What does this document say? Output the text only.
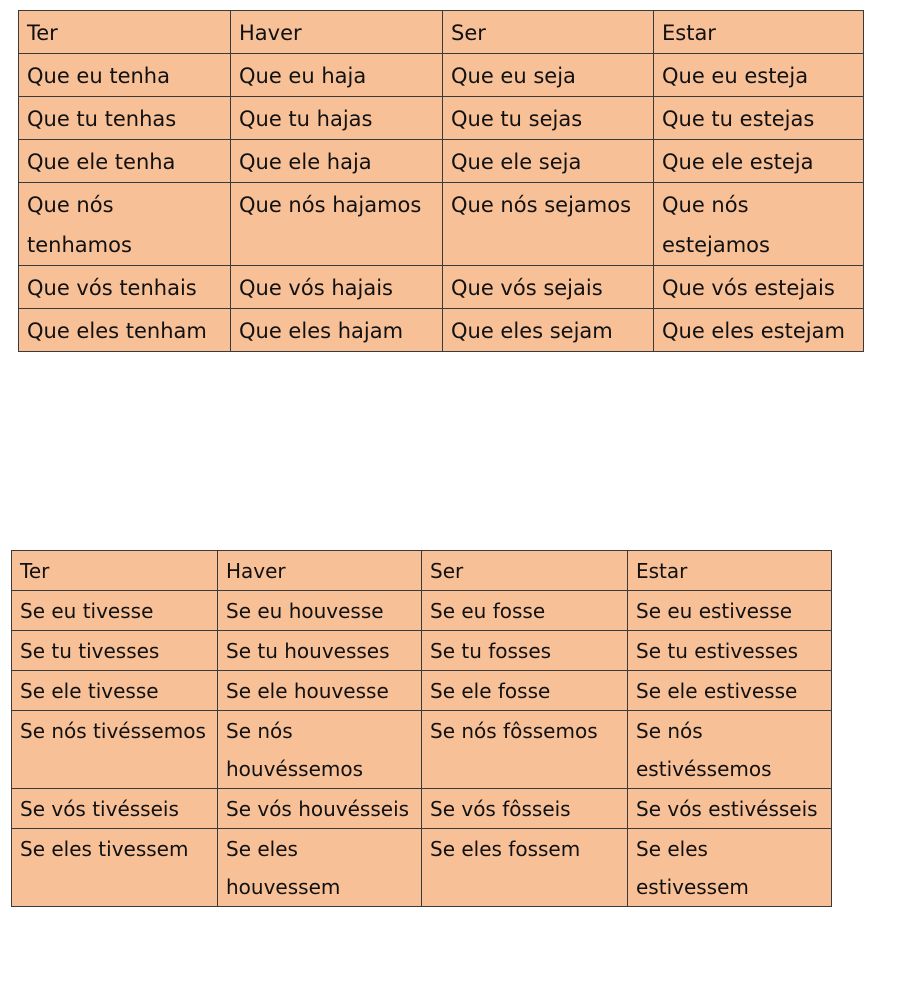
Ter	Haver	Ser	Estar
Que eu tenha	Que eu haja	Que eu seja	Que eu esteja
Que tu tenhas	Que tu hajas	Que tu sejas	Que tu estejas
Que ele tenha	Que ele haja	Que ele seja	Que ele esteja
Que nós tenhamos	Que nós hajamos	Que nós sejamos	Que nós estejamos
Que vós tenhais	Que vós hajais	Que vós sejais	Que vós estejais
Que eles tenham	Que eles hajam	Que eles sejam	Que eles estejam
Ter	Haver	Ser	Estar
Se eu tivesse	Se eu houvesse	Se eu fosse	Se eu estivesse
Se tu tivesses	Se tu houvesses	Se tu fosses	Se tu estivesses
Se ele tivesse	Se ele houvesse	Se ele fosse	Se ele estivesse
Se nós tivéssemos	Se nós houvéssemos	Se nós fôssemos	Se nós estivéssemos
Se vós tivésseis	Se vós houvésseis	Se vós fôsseis	Se vós estivésseis
Se eles tivessem	Se eles houvessem	Se eles fossem	Se eles estivessem
